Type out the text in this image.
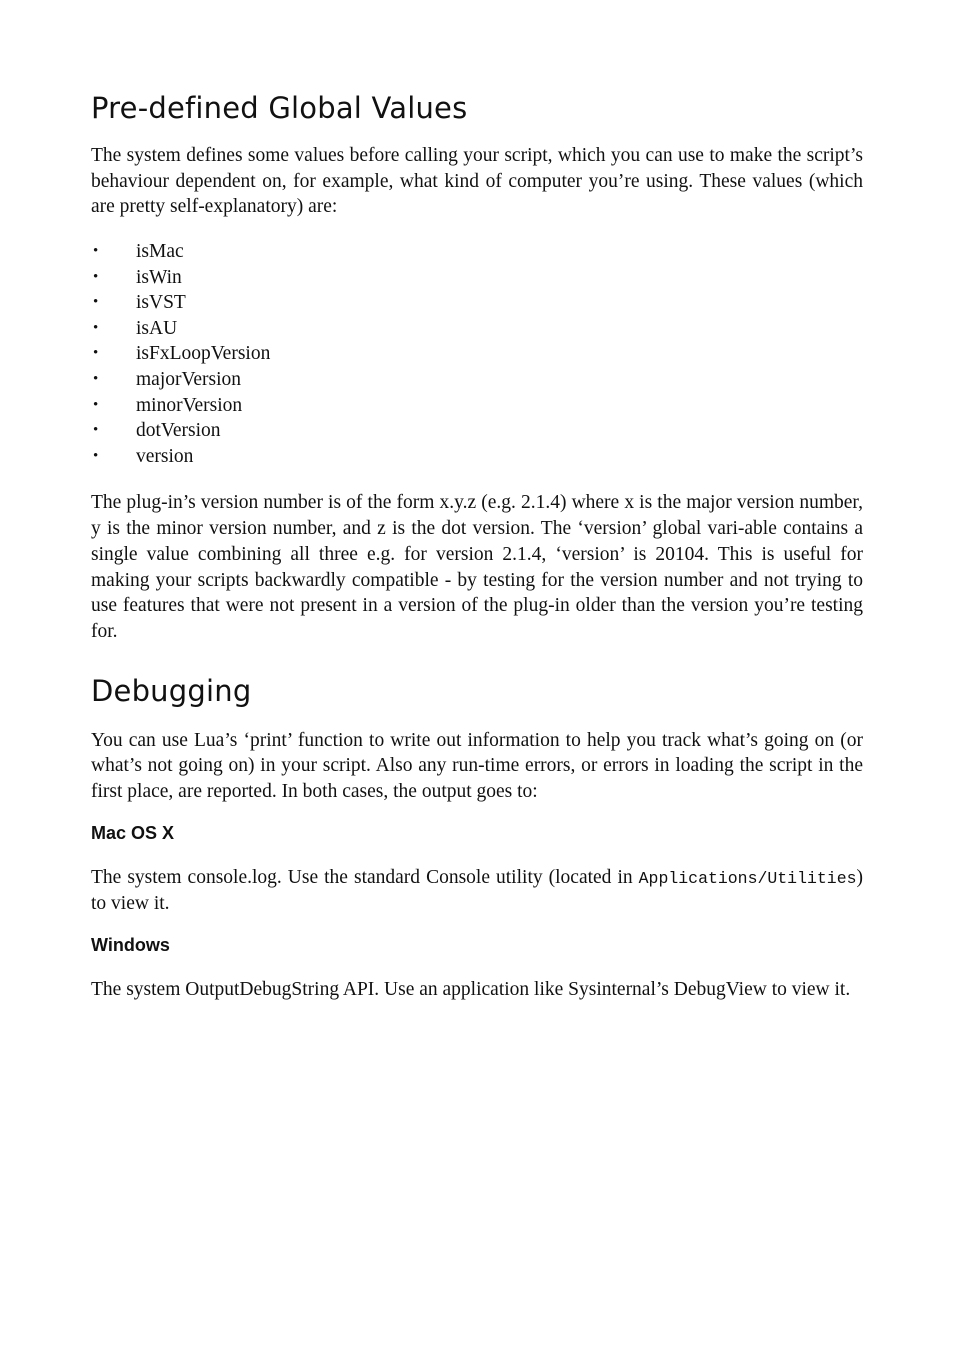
Pre-defined Global Values

The system defines some values before calling your script, which you can use to make the script’s behaviour dependent on, for example, what kind of computer you’re using. These values (which are pretty self-explanatory) are:

• isMac
• isWin
• isVST
• isAU
• isFxLoopVersion
• majorVersion
• minorVersion
• dotVersion
• version

The plug-in’s version number is of the form x.y.z (e.g. 2.1.4) where x is the major version number, y is the minor version number, and z is the dot version. The ‘version’ global vari-able contains a single value combining all three e.g. for version 2.1.4, ‘version’ is 20104. This is useful for making your scripts backwardly compatible - by testing for the version number and not trying to use features that were not present in a version of the plug-in older than the version you’re testing for.

Debugging

You can use Lua’s ‘print’ function to write out information to help you track what’s going on (or what’s not going on) in your script. Also any run-time errors, or errors in loading the script in the first place, are reported. In both cases, the output goes to:

Mac OS X

The system console.log. Use the standard Console utility (located in Applications/Utilities) to view it.

Windows

The system OutputDebugString API. Use an application like Sysinternal’s DebugView to view it.
